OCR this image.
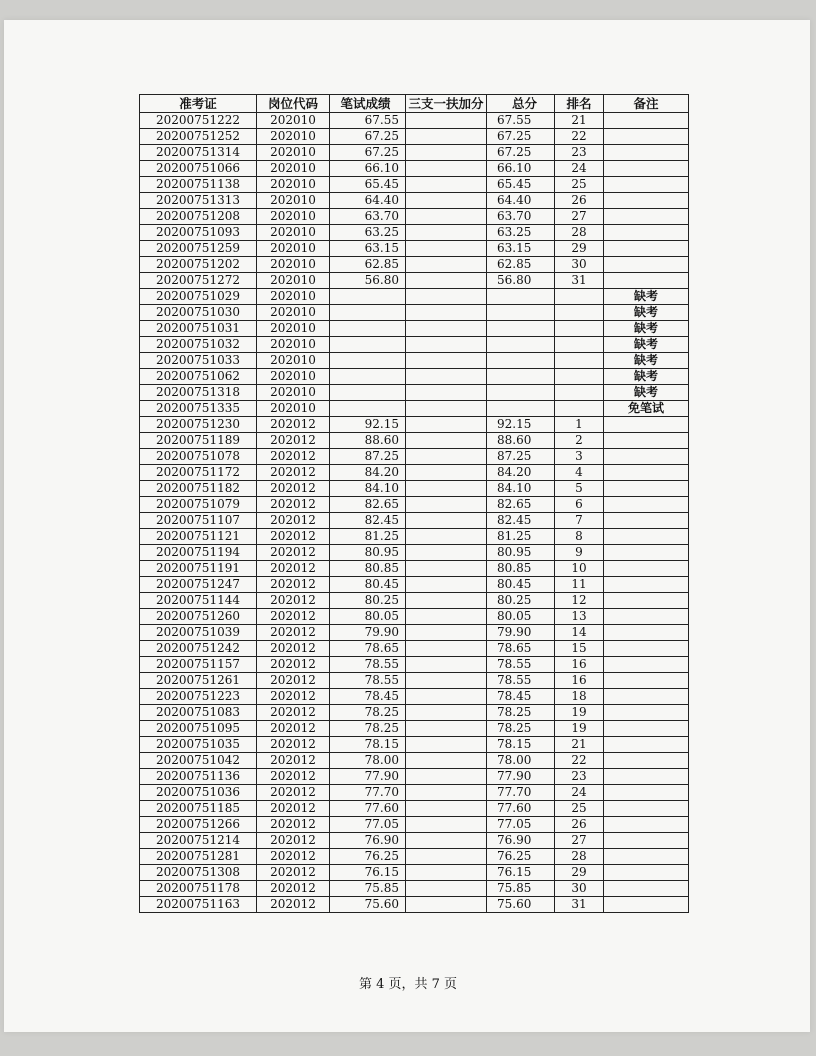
准考证	岗位代码	笔试成绩	三支一扶加分	总分	排名	备注
20200751222	202010	67.55		67.55	21	
20200751252	202010	67.25		67.25	22	
20200751314	202010	67.25		67.25	23	
20200751066	202010	66.10		66.10	24	
20200751138	202010	65.45		65.45	25	
20200751313	202010	64.40		64.40	26	
20200751208	202010	63.70		63.70	27	
20200751093	202010	63.25		63.25	28	
20200751259	202010	63.15		63.15	29	
20200751202	202010	62.85		62.85	30	
20200751272	202010	56.80		56.80	31	
20200751029	202010					缺考
20200751030	202010					缺考
20200751031	202010					缺考
20200751032	202010					缺考
20200751033	202010					缺考
20200751062	202010					缺考
20200751318	202010					缺考
20200751335	202010					免笔试
20200751230	202012	92.15		92.15	1	
20200751189	202012	88.60		88.60	2	
20200751078	202012	87.25		87.25	3	
20200751172	202012	84.20		84.20	4	
20200751182	202012	84.10		84.10	5	
20200751079	202012	82.65		82.65	6	
20200751107	202012	82.45		82.45	7	
20200751121	202012	81.25		81.25	8	
20200751194	202012	80.95		80.95	9	
20200751191	202012	80.85		80.85	10	
20200751247	202012	80.45		80.45	11	
20200751144	202012	80.25		80.25	12	
20200751260	202012	80.05		80.05	13	
20200751039	202012	79.90		79.90	14	
20200751242	202012	78.65		78.65	15	
20200751157	202012	78.55		78.55	16	
20200751261	202012	78.55		78.55	16	
20200751223	202012	78.45		78.45	18	
20200751083	202012	78.25		78.25	19	
20200751095	202012	78.25		78.25	19	
20200751035	202012	78.15		78.15	21	
20200751042	202012	78.00		78.00	22	
20200751136	202012	77.90		77.90	23	
20200751036	202012	77.70		77.70	24	
20200751185	202012	77.60		77.60	25	
20200751266	202012	77.05		77.05	26	
20200751214	202012	76.90		76.90	27	
20200751281	202012	76.25		76.25	28	
20200751308	202012	76.15		76.15	29	
20200751178	202012	75.85		75.85	30	
20200751163	202012	75.60		75.60	31	
第 4 页，共 7 页
